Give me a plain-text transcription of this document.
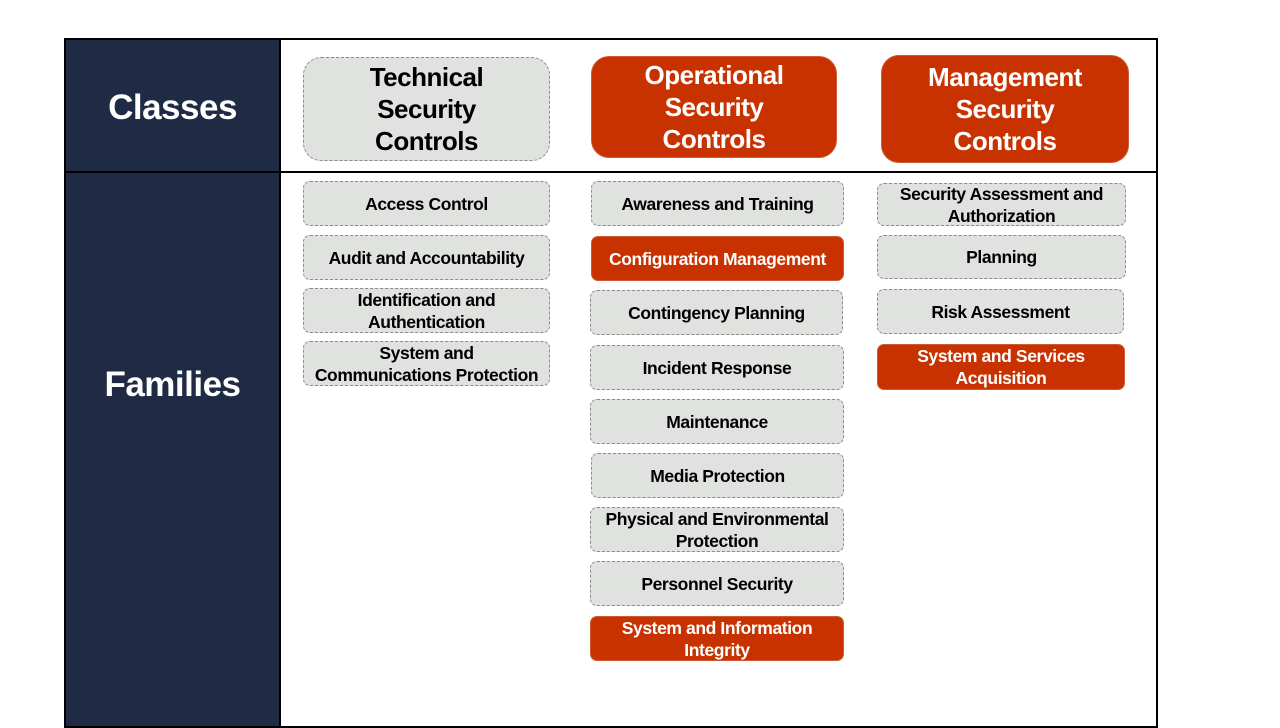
Classes
Families
Technical Security Controls
Operational Security Controls
Management Security Controls
Access Control
Audit and Accountability
Identification and Authentication
System and Communications Protection
Awareness and Training
Configuration Management
Contingency Planning
Incident Response
Maintenance
Media Protection
Physical and Environmental Protection
Personnel Security
System and Information Integrity
Security Assessment and Authorization
Planning
Risk Assessment
System and Services Acquisition
